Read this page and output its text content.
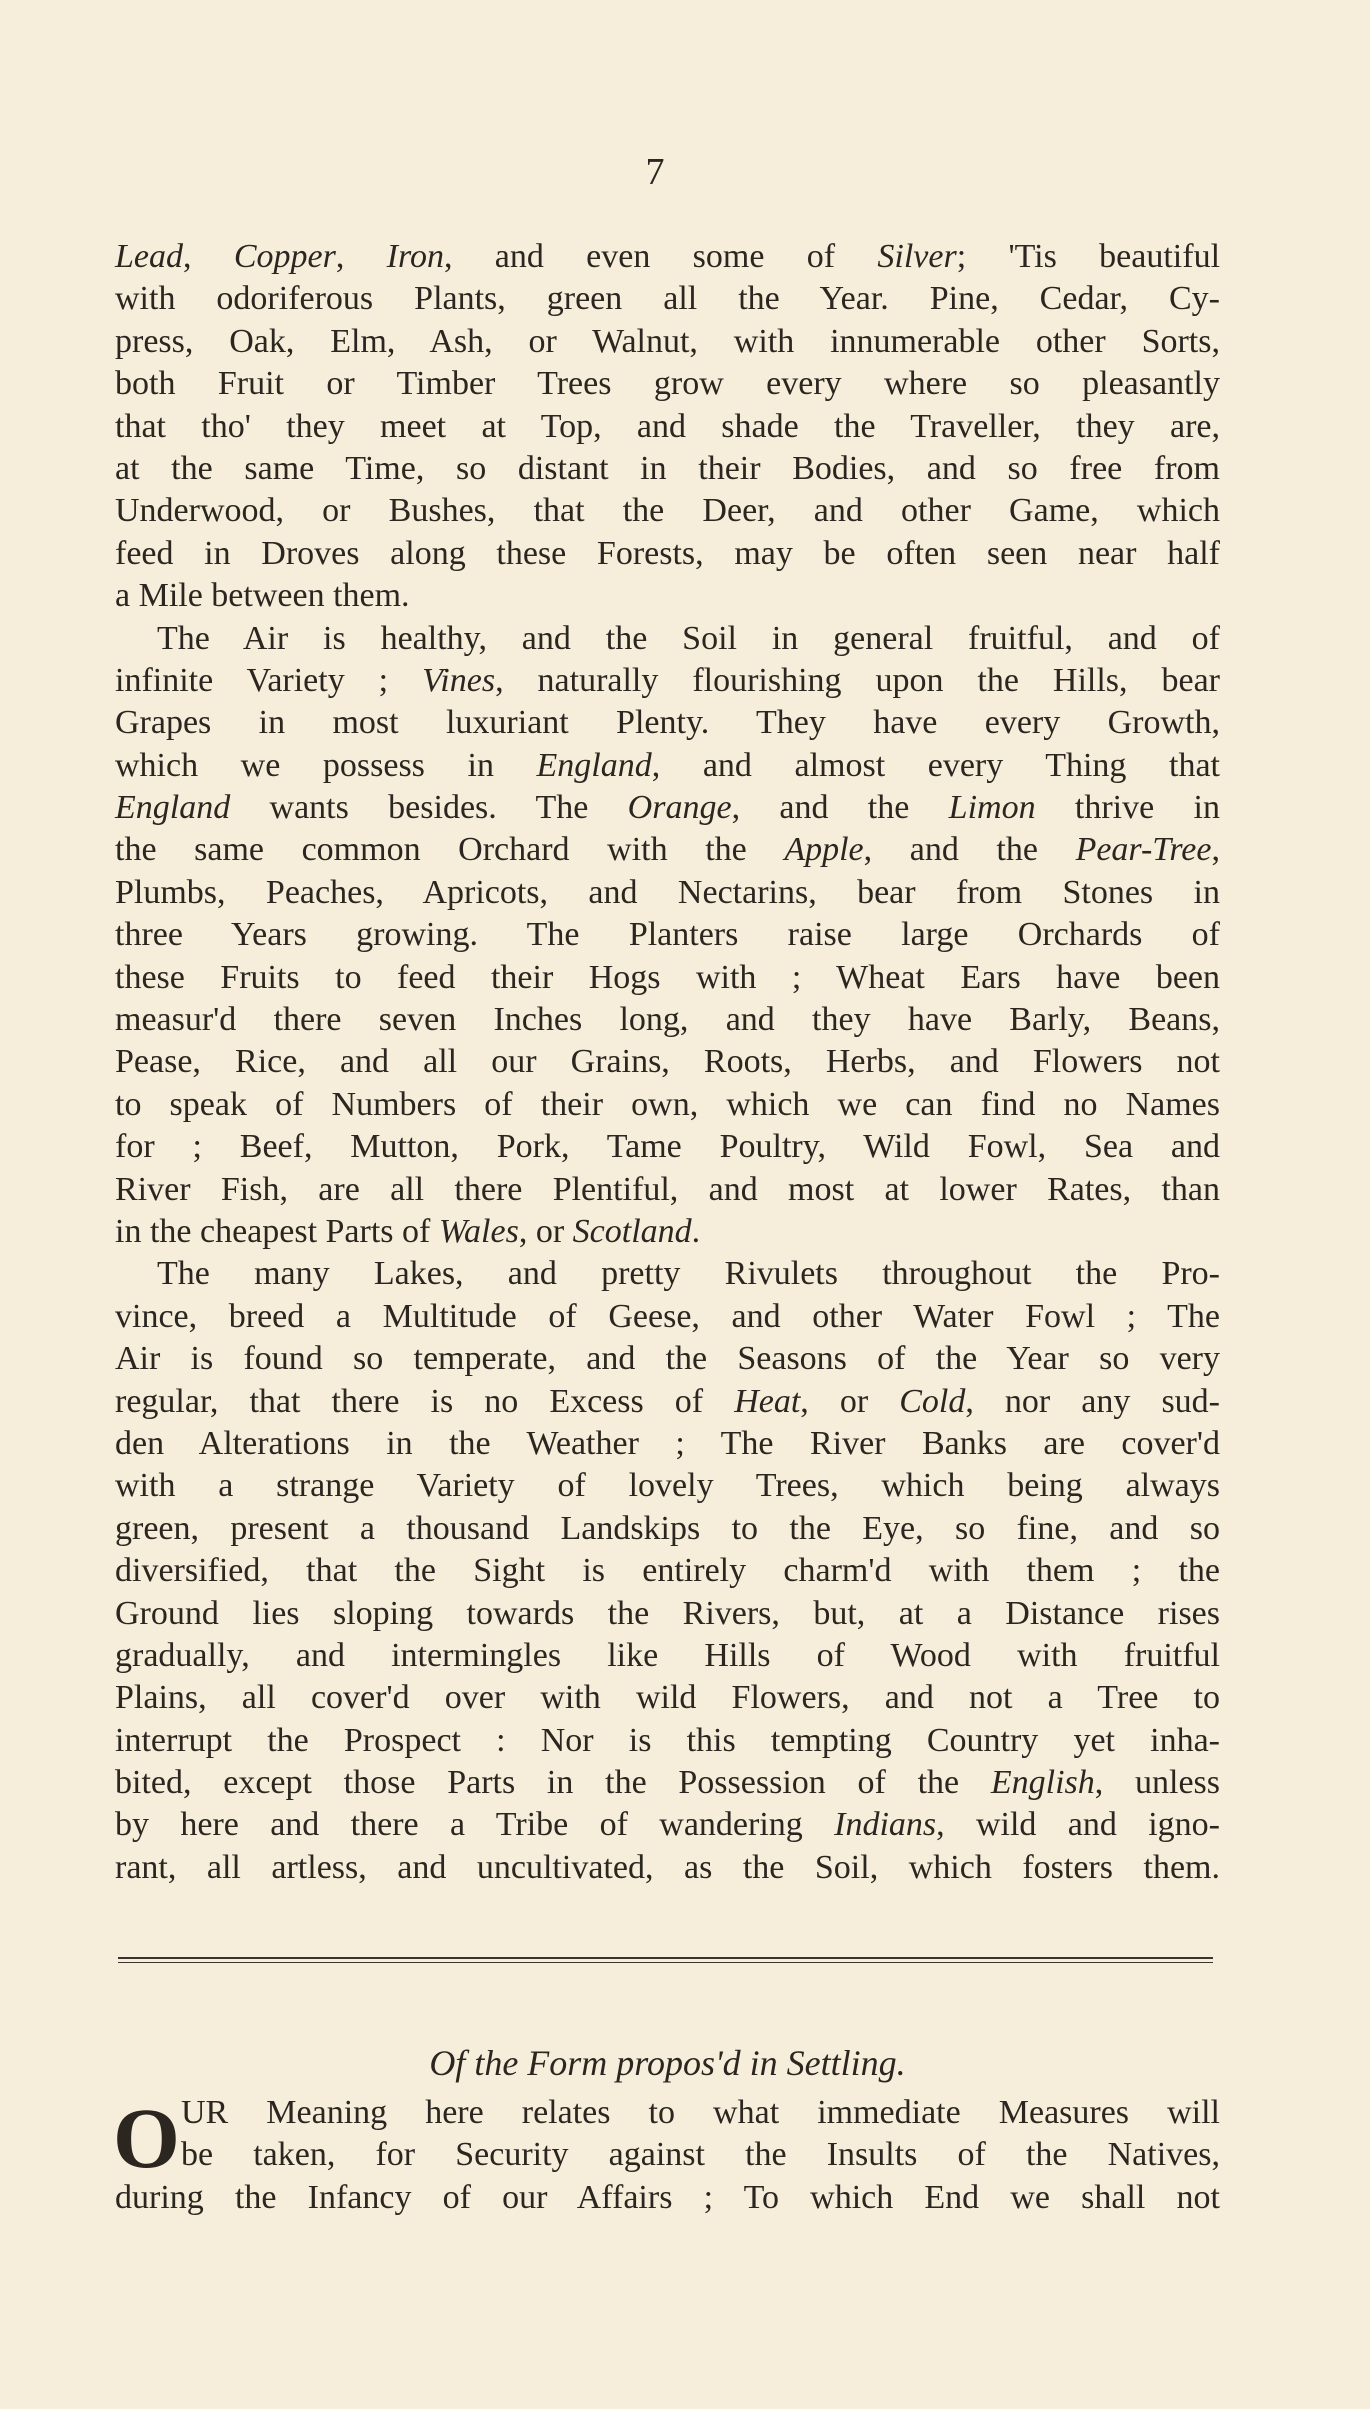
7
Lead, Copper, Iron, and even some of Silver; 'Tis beautiful
with odoriferous Plants, green all the Year. Pine, Cedar, Cy-
press, Oak, Elm, Ash, or Walnut, with innumerable other Sorts,
both Fruit or Timber Trees grow every where so pleasantly
that tho' they meet at Top, and shade the Traveller, they are,
at the same Time, so distant in their Bodies, and so free from
Underwood, or Bushes, that the Deer, and other Game, which
feed in Droves along these Forests, may be often seen near half
a Mile between them.
The Air is healthy, and the Soil in general fruitful, and of
infinite Variety ; Vines, naturally flourishing upon the Hills, bear
Grapes in most luxuriant Plenty. They have every Growth,
which we possess in England, and almost every Thing that
England wants besides. The Orange, and the Limon thrive in
the same common Orchard with the Apple, and the Pear-Tree,
Plumbs, Peaches, Apricots, and Nectarins, bear from Stones in
three Years growing. The Planters raise large Orchards of
these Fruits to feed their Hogs with ; Wheat Ears have been
measur'd there seven Inches long, and they have Barly, Beans,
Pease, Rice, and all our Grains, Roots, Herbs, and Flowers not
to speak of Numbers of their own, which we can find no Names
for ; Beef, Mutton, Pork, Tame Poultry, Wild Fowl, Sea and
River Fish, are all there Plentiful, and most at lower Rates, than
in the cheapest Parts of Wales, or Scotland.
The many Lakes, and pretty Rivulets throughout the Pro-
vince, breed a Multitude of Geese, and other Water Fowl ; The
Air is found so temperate, and the Seasons of the Year so very
regular, that there is no Excess of Heat, or Cold, nor any sud-
den Alterations in the Weather ; The River Banks are cover'd
with a strange Variety of lovely Trees, which being always
green, present a thousand Landskips to the Eye, so fine, and so
diversified, that the Sight is entirely charm'd with them ; the
Ground lies sloping towards the Rivers, but, at a Distance rises
gradually, and intermingles like Hills of Wood with fruitful
Plains, all cover'd over with wild Flowers, and not a Tree to
interrupt the Prospect : Nor is this tempting Country yet inha-
bited, except those Parts in the Possession of the English, unless
by here and there a Tribe of wandering Indians, wild and igno-
rant, all artless, and uncultivated, as the Soil, which fosters them.
Of the Form propos'd in Settling.
O UR Meaning here relates to what immediate Measures will
be taken, for Security against the Insults of the Natives,
during the Infancy of our Affairs ; To which End we shall not
